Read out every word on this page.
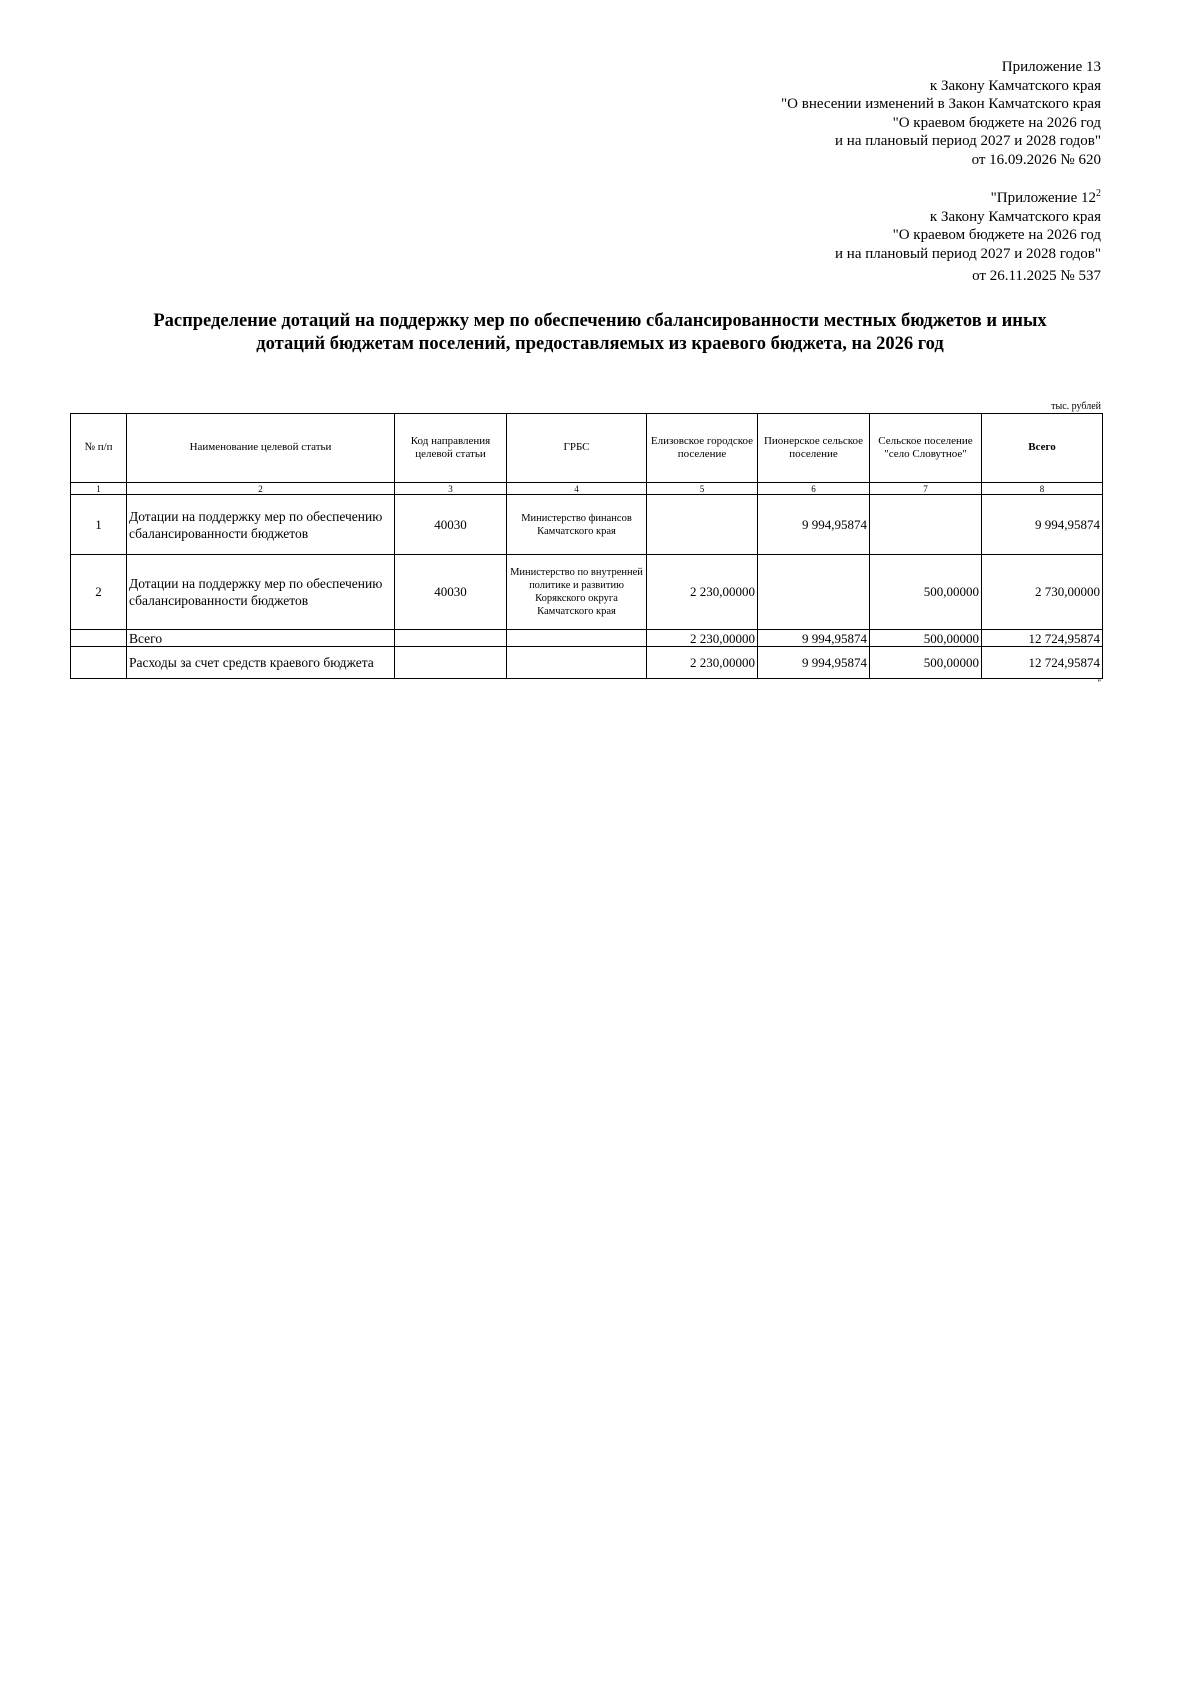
Приложение 13
к Закону Камчатского края
"О внесении изменений в Закон Камчатского края
"О краевом бюджете на 2026 год
и на плановый период 2027 и 2028 годов"
от 16.09.2026 № 620
"Приложение $12^2$
к Закону Камчатского края
"О краевом бюджете на 2026 год
и на плановый период 2027 и 2028 годов"
от 26.11.2025 № 537
Распределение дотаций на поддержку мер по обеспечению сбалансированности местных бюджетов и иных
дотаций бюджетам поселений, предоставляемых из краевого бюджета, на 2026 год
тыс. рублей
№ п/п	Наименование целевой статьи	Код направления целевой статьи	ГРБС	Елизовское городское поселение	Пионерское сельское поселение	Сельское поселение "село Словутное"	Всего
1	2	3	4	5	6	7	8
1	Дотации на поддержку мер по обеспечению сбалансированности бюджетов	40030	Министерство финансов Камчатского края		9 994,95874		9 994,95874
2	Дотации на поддержку мер по обеспечению сбалансированности бюджетов	40030	Министерство по внутренней политике и развитию Корякского округа Камчатского края	2 230,00000		500,00000	2 730,00000
	Всего			2 230,00000	9 994,95874	500,00000	12 724,95874
	Расходы за счет средств краевого бюджета			2 230,00000	9 994,95874	500,00000	12 724,95874
"
